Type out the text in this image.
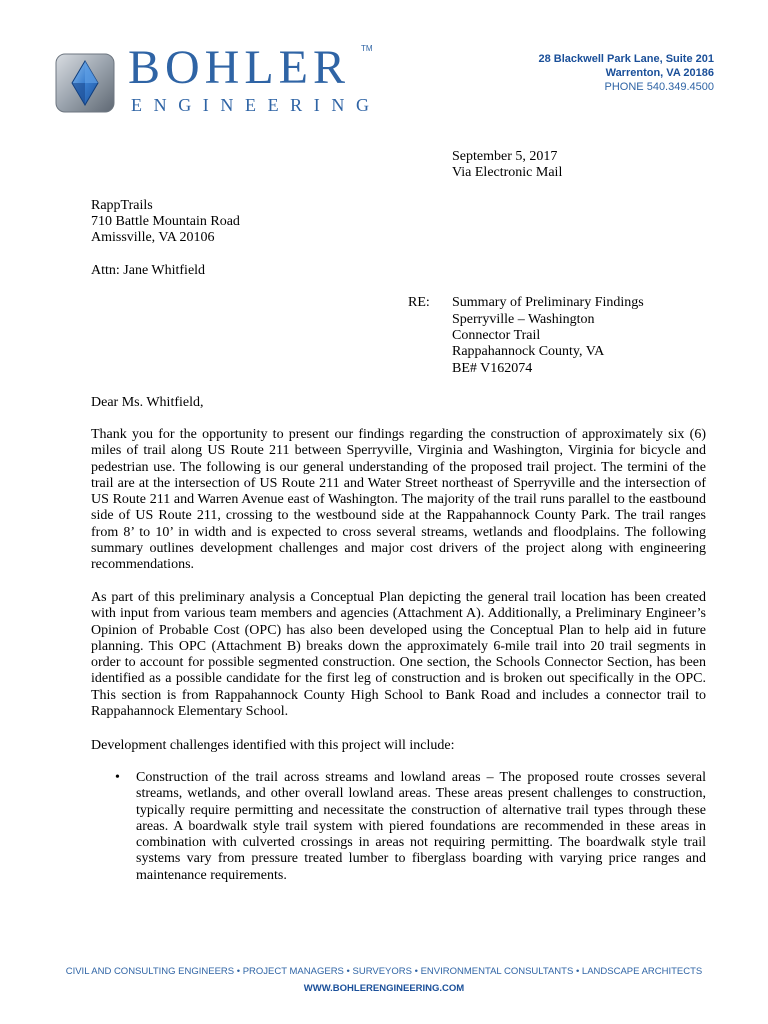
BOHLER TM
ENGINEERING
28 Blackwell Park Lane, Suite 201
Warrenton, VA 20186
PHONE 540.349.4500
September 5, 2017
Via Electronic Mail
RappTrails
710 Battle Mountain Road
Amissville, VA 20106
Attn: Jane Whitfield
RE: Summary of Preliminary Findings
Sperryville – Washington
Connector Trail
Rappahannock County, VA
BE# V162074
Dear Ms. Whitfield,
Thank you for the opportunity to present our findings regarding the construction of approximately six (6) miles of trail along US Route 211 between Sperryville, Virginia and Washington, Virginia for bicycle and pedestrian use. The following is our general understanding of the proposed trail project. The termini of the trail are at the intersection of US Route 211 and Water Street northeast of Sperryville and the intersection of US Route 211 and Warren Avenue east of Washington. The majority of the trail runs parallel to the eastbound side of US Route 211, crossing to the westbound side at the Rappahannock County Park. The trail ranges from 8’ to 10’ in width and is expected to cross several streams, wetlands and floodplains. The following summary outlines development challenges and major cost drivers of the project along with engineering recommendations.
As part of this preliminary analysis a Conceptual Plan depicting the general trail location has been created with input from various team members and agencies (Attachment A). Additionally, a Preliminary Engineer’s Opinion of Probable Cost (OPC) has also been developed using the Conceptual Plan to help aid in future planning. This OPC (Attachment B) breaks down the approximately 6-mile trail into 20 trail segments in order to account for possible segmented construction. One section, the Schools Connector Section, has been identified as a possible candidate for the first leg of construction and is broken out specifically in the OPC. This section is from Rappahannock County High School to Bank Road and includes a connector trail to Rappahannock Elementary School.
Development challenges identified with this project will include:
• Construction of the trail across streams and lowland areas – The proposed route crosses several streams, wetlands, and other overall lowland areas. These areas present challenges to construction, typically require permitting and necessitate the construction of alternative trail types through these areas. A boardwalk style trail system with piered foundations are recommended in these areas in combination with culverted crossings in areas not requiring permitting. The boardwalk style trail systems vary from pressure treated lumber to fiberglass boarding with varying price ranges and maintenance requirements.
CIVIL AND CONSULTING ENGINEERS • PROJECT MANAGERS • SURVEYORS • ENVIRONMENTAL CONSULTANTS • LANDSCAPE ARCHITECTS
WWW.BOHLERENGINEERING.COM
